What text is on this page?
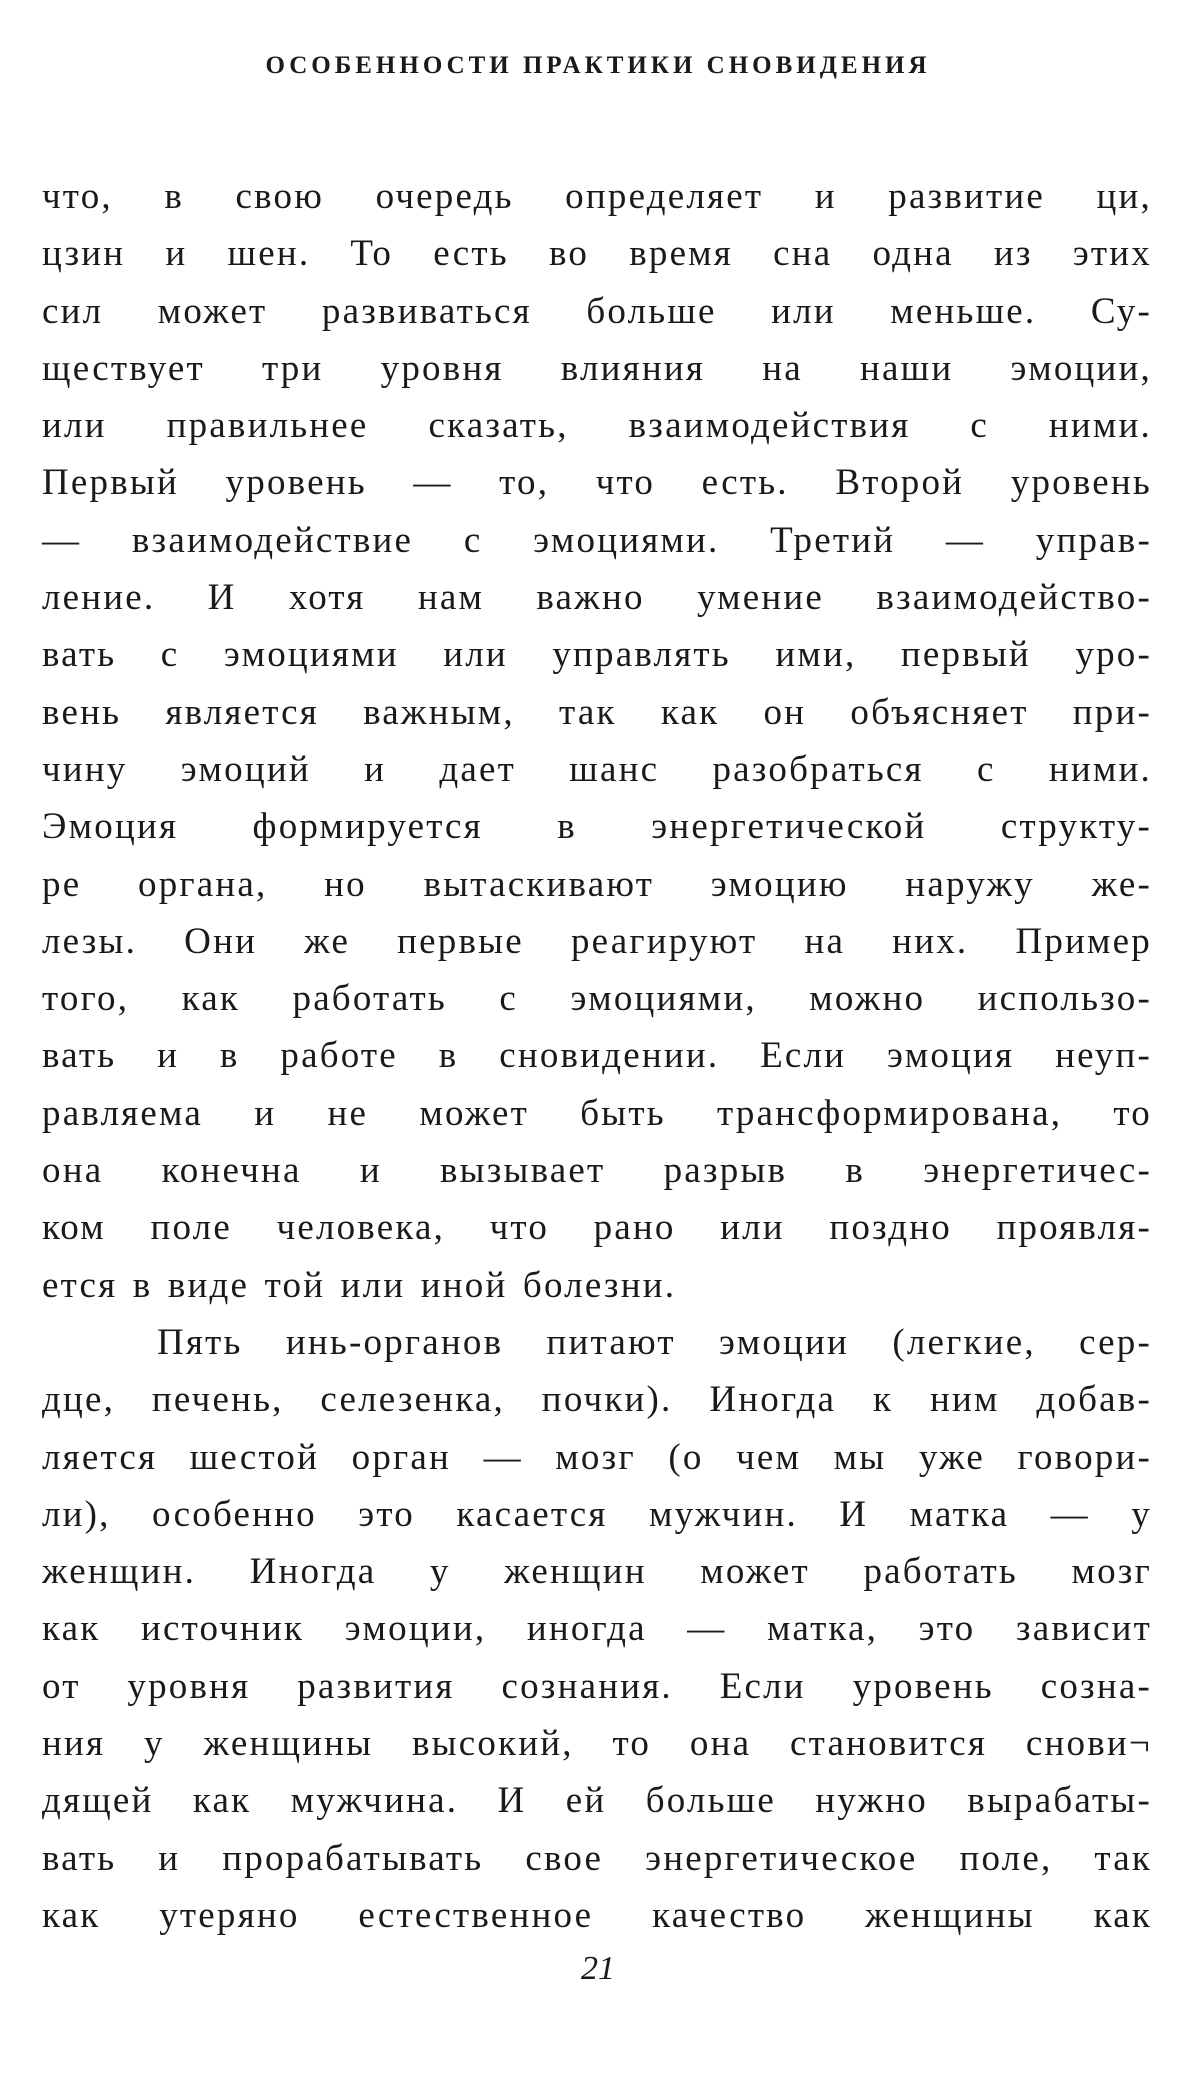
ОСОБЕННОСТИ ПРАКТИКИ СНОВИДЕНИЯ
что, в свою очередь определяет и развитие ци,
цзин и шен. То есть во время сна одна из этих
сил может развиваться больше или меньше. Су-
ществует три уровня влияния на наши эмоции,
или правильнее сказать, взаимодействия с ними.
Первый уровень — то, что есть. Второй уровень
— взаимодействие с эмоциями. Третий — управ-
ление. И хотя нам важно умение взаимодейство-
вать с эмоциями или управлять ими, первый уро-
вень является важным, так как он объясняет при-
чину эмоций и дает шанс разобраться с ними.
Эмоция формируется в энергетической структу-
ре органа, но вытаскивают эмоцию наружу же-
лезы. Они же первые реагируют на них. Пример
того, как работать с эмоциями, можно использо-
вать и в работе в сновидении. Если эмоция неуп-
равляема и не может быть трансформирована, то
она конечна и вызывает разрыв в энергетичес-
ком поле человека, что рано или поздно проявля-
ется в виде той или иной болезни.
Пять инь-органов питают эмоции (легкие, сер-
дце, печень, селезенка, почки). Иногда к ним добав-
ляется шестой орган — мозг (о чем мы уже говори-
ли), особенно это касается мужчин. И матка — у
женщин. Иногда у женщин может работать мозг
как источник эмоции, иногда — матка, это зависит
от уровня развития сознания. Если уровень созна-
ния у женщины высокий, то она становится снови¬
дящей как мужчина. И ей больше нужно вырабаты-
вать и прорабатывать свое энергетическое поле, так
как утеряно естественное качество женщины как
21
